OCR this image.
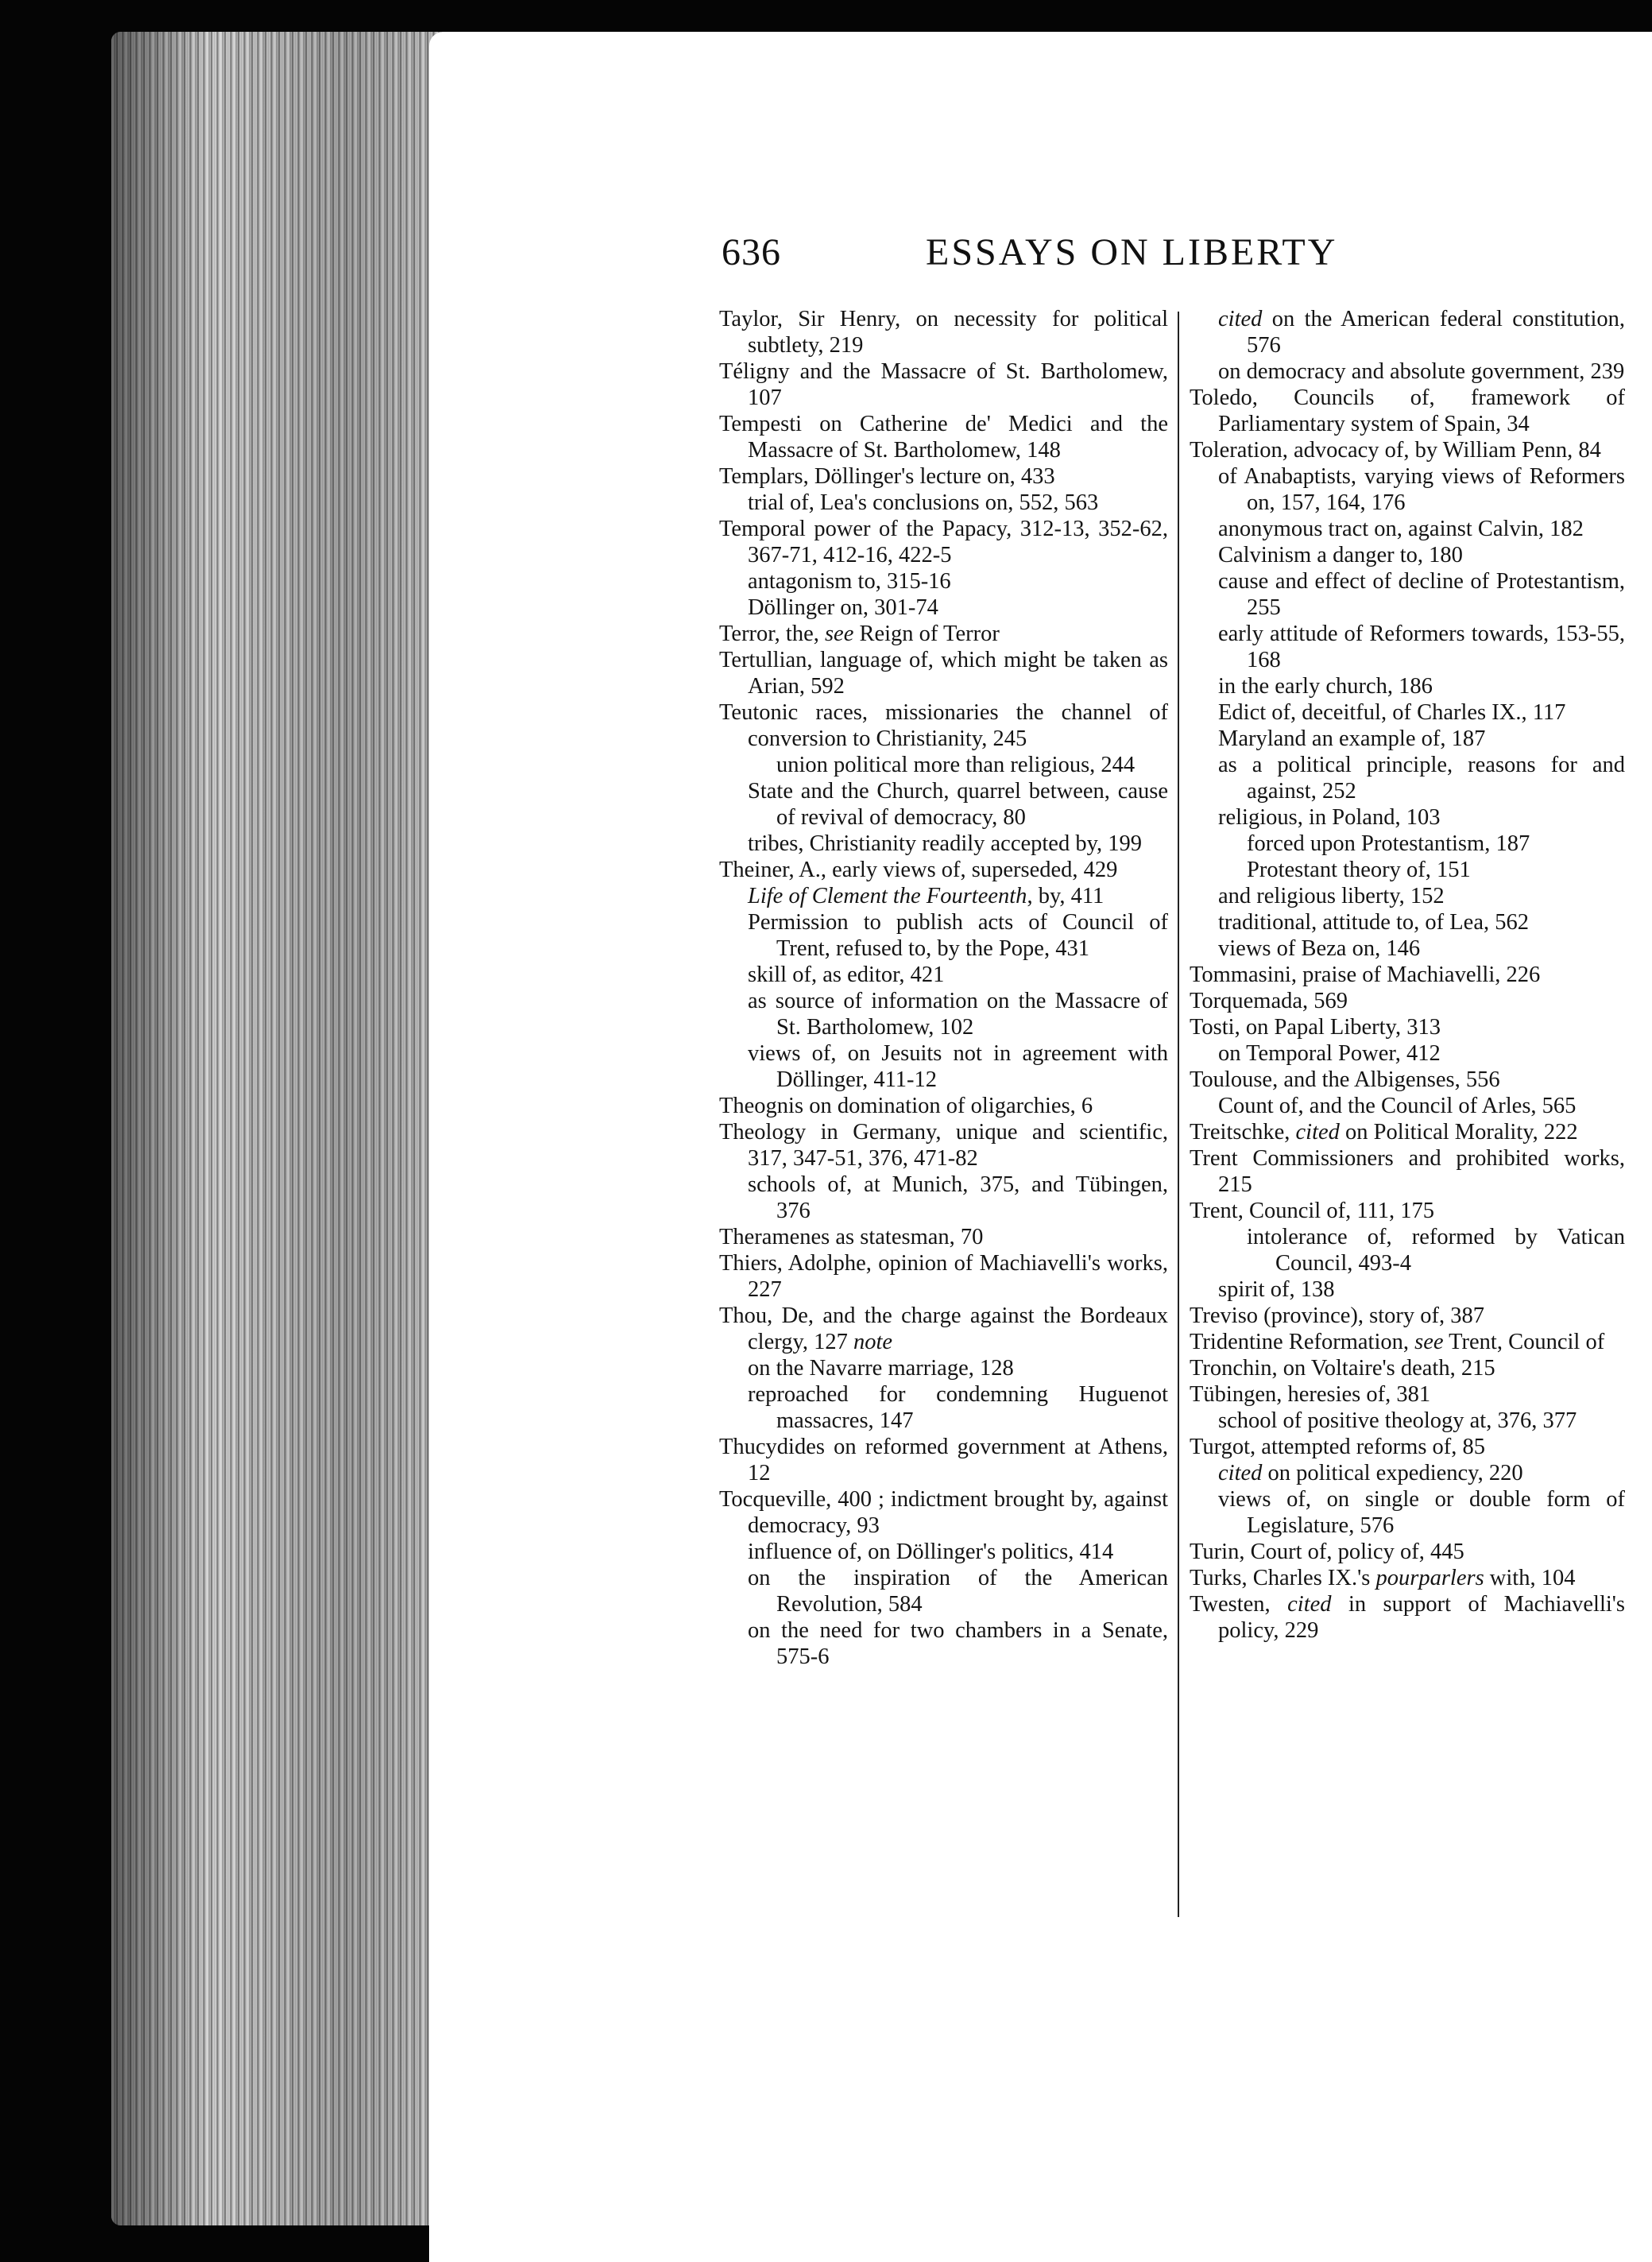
636	ESSAYS ON LIBERTY
Taylor, Sir Henry, on necessity for political subtlety, 219
Téligny and the Massacre of St. Bartholomew, 107
Tempesti on Catherine de' Medici and the Massacre of St. Bartholomew, 148
Templars, Döllinger's lecture on, 433
trial of, Lea's conclusions on, 552, 563
Temporal power of the Papacy, 312-13, 352-62, 367-71, 412-16, 422-5
antagonism to, 315-16
Döllinger on, 301-74
Terror, the, see Reign of Terror
Tertullian, language of, which might be taken as Arian, 592
Teutonic races, missionaries the channel of conversion to Christianity, 245
union political more than religious, 244
State and the Church, quarrel between, cause of revival of democracy, 80
tribes, Christianity readily accepted by, 199
Theiner, A., early views of, superseded, 429
Life of Clement the Fourteenth, by, 411
Permission to publish acts of Council of Trent, refused to, by the Pope, 431
skill of, as editor, 421
as source of information on the Massacre of St. Bartholomew, 102
views of, on Jesuits not in agreement with Döllinger, 411-12
Theognis on domination of oligarchies, 6
Theology in Germany, unique and scientific, 317, 347-51, 376, 471-82
schools of, at Munich, 375, and Tübingen, 376
Theramenes as statesman, 70
Thiers, Adolphe, opinion of Machiavelli's works, 227
Thou, De, and the charge against the Bordeaux clergy, 127 note
on the Navarre marriage, 128
reproached for condemning Huguenot massacres, 147
Thucydides on reformed government at Athens, 12
Tocqueville, 400 ; indictment brought by, against democracy, 93
influence of, on Döllinger's politics, 414
on the inspiration of the American Revolution, 584
on the need for two chambers in a Senate, 575-6
cited on the American federal constitution, 576
on democracy and absolute government, 239
Toledo, Councils of, framework of Parliamentary system of Spain, 34
Toleration, advocacy of, by William Penn, 84
of Anabaptists, varying views of Reformers on, 157, 164, 176
anonymous tract on, against Calvin, 182
Calvinism a danger to, 180
cause and effect of decline of Protestantism, 255
early attitude of Reformers towards, 153-55, 168
in the early church, 186
Edict of, deceitful, of Charles IX., 117
Maryland an example of, 187
as a political principle, reasons for and against, 252
religious, in Poland, 103
forced upon Protestantism, 187
Protestant theory of, 151
and religious liberty, 152
traditional, attitude to, of Lea, 562
views of Beza on, 146
Tommasini, praise of Machiavelli, 226
Torquemada, 569
Tosti, on Papal Liberty, 313
on Temporal Power, 412
Toulouse, and the Albigenses, 556
Count of, and the Council of Arles, 565
Treitschke, cited on Political Morality, 222
Trent Commissioners and prohibited works, 215
Trent, Council of, 111, 175
intolerance of, reformed by Vatican Council, 493-4
spirit of, 138
Treviso (province), story of, 387
Tridentine Reformation, see Trent, Council of
Tronchin, on Voltaire's death, 215
Tübingen, heresies of, 381
school of positive theology at, 376, 377
Turgot, attempted reforms of, 85
cited on political expediency, 220
views of, on single or double form of Legislature, 576
Turin, Court of, policy of, 445
Turks, Charles IX.'s pourparlers with, 104
Twesten, cited in support of Machiavelli's policy, 229
